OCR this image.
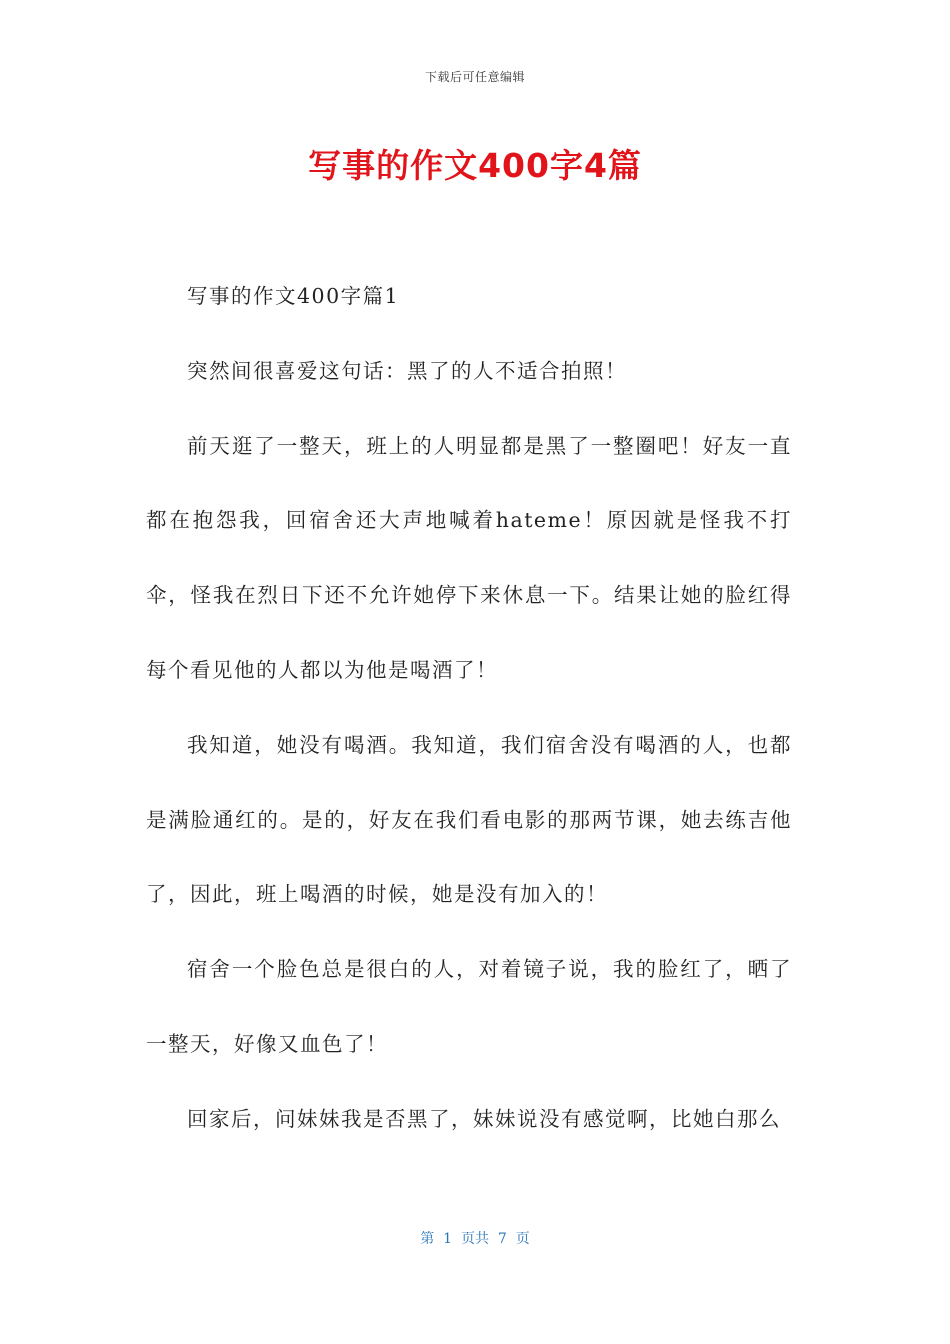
下载后可任意编辑
写事的作文400字4篇

写事的作文400字篇1

突然间很喜爱这句话：黑了的人不适合拍照！

前天逛了一整天，班上的人明显都是黑了一整圈吧！好友一直都在抱怨我，回宿舍还大声地喊着hateme！原因就是怪我不打伞，怪我在烈日下还不允许她停下来休息一下。结果让她的脸红得每个看见他的人都以为他是喝酒了！

我知道，她没有喝酒。我知道，我们宿舍没有喝酒的人，也都是满脸通红的。是的，好友在我们看电影的那两节课，她去练吉他了，因此，班上喝酒的时候，她是没有加入的！

宿舍一个脸色总是很白的人，对着镜子说，我的脸红了，晒了一整天，好像又血色了！

回家后，问妹妹我是否黑了，妹妹说没有感觉啊，比她白那么

第  1  页共  7  页
